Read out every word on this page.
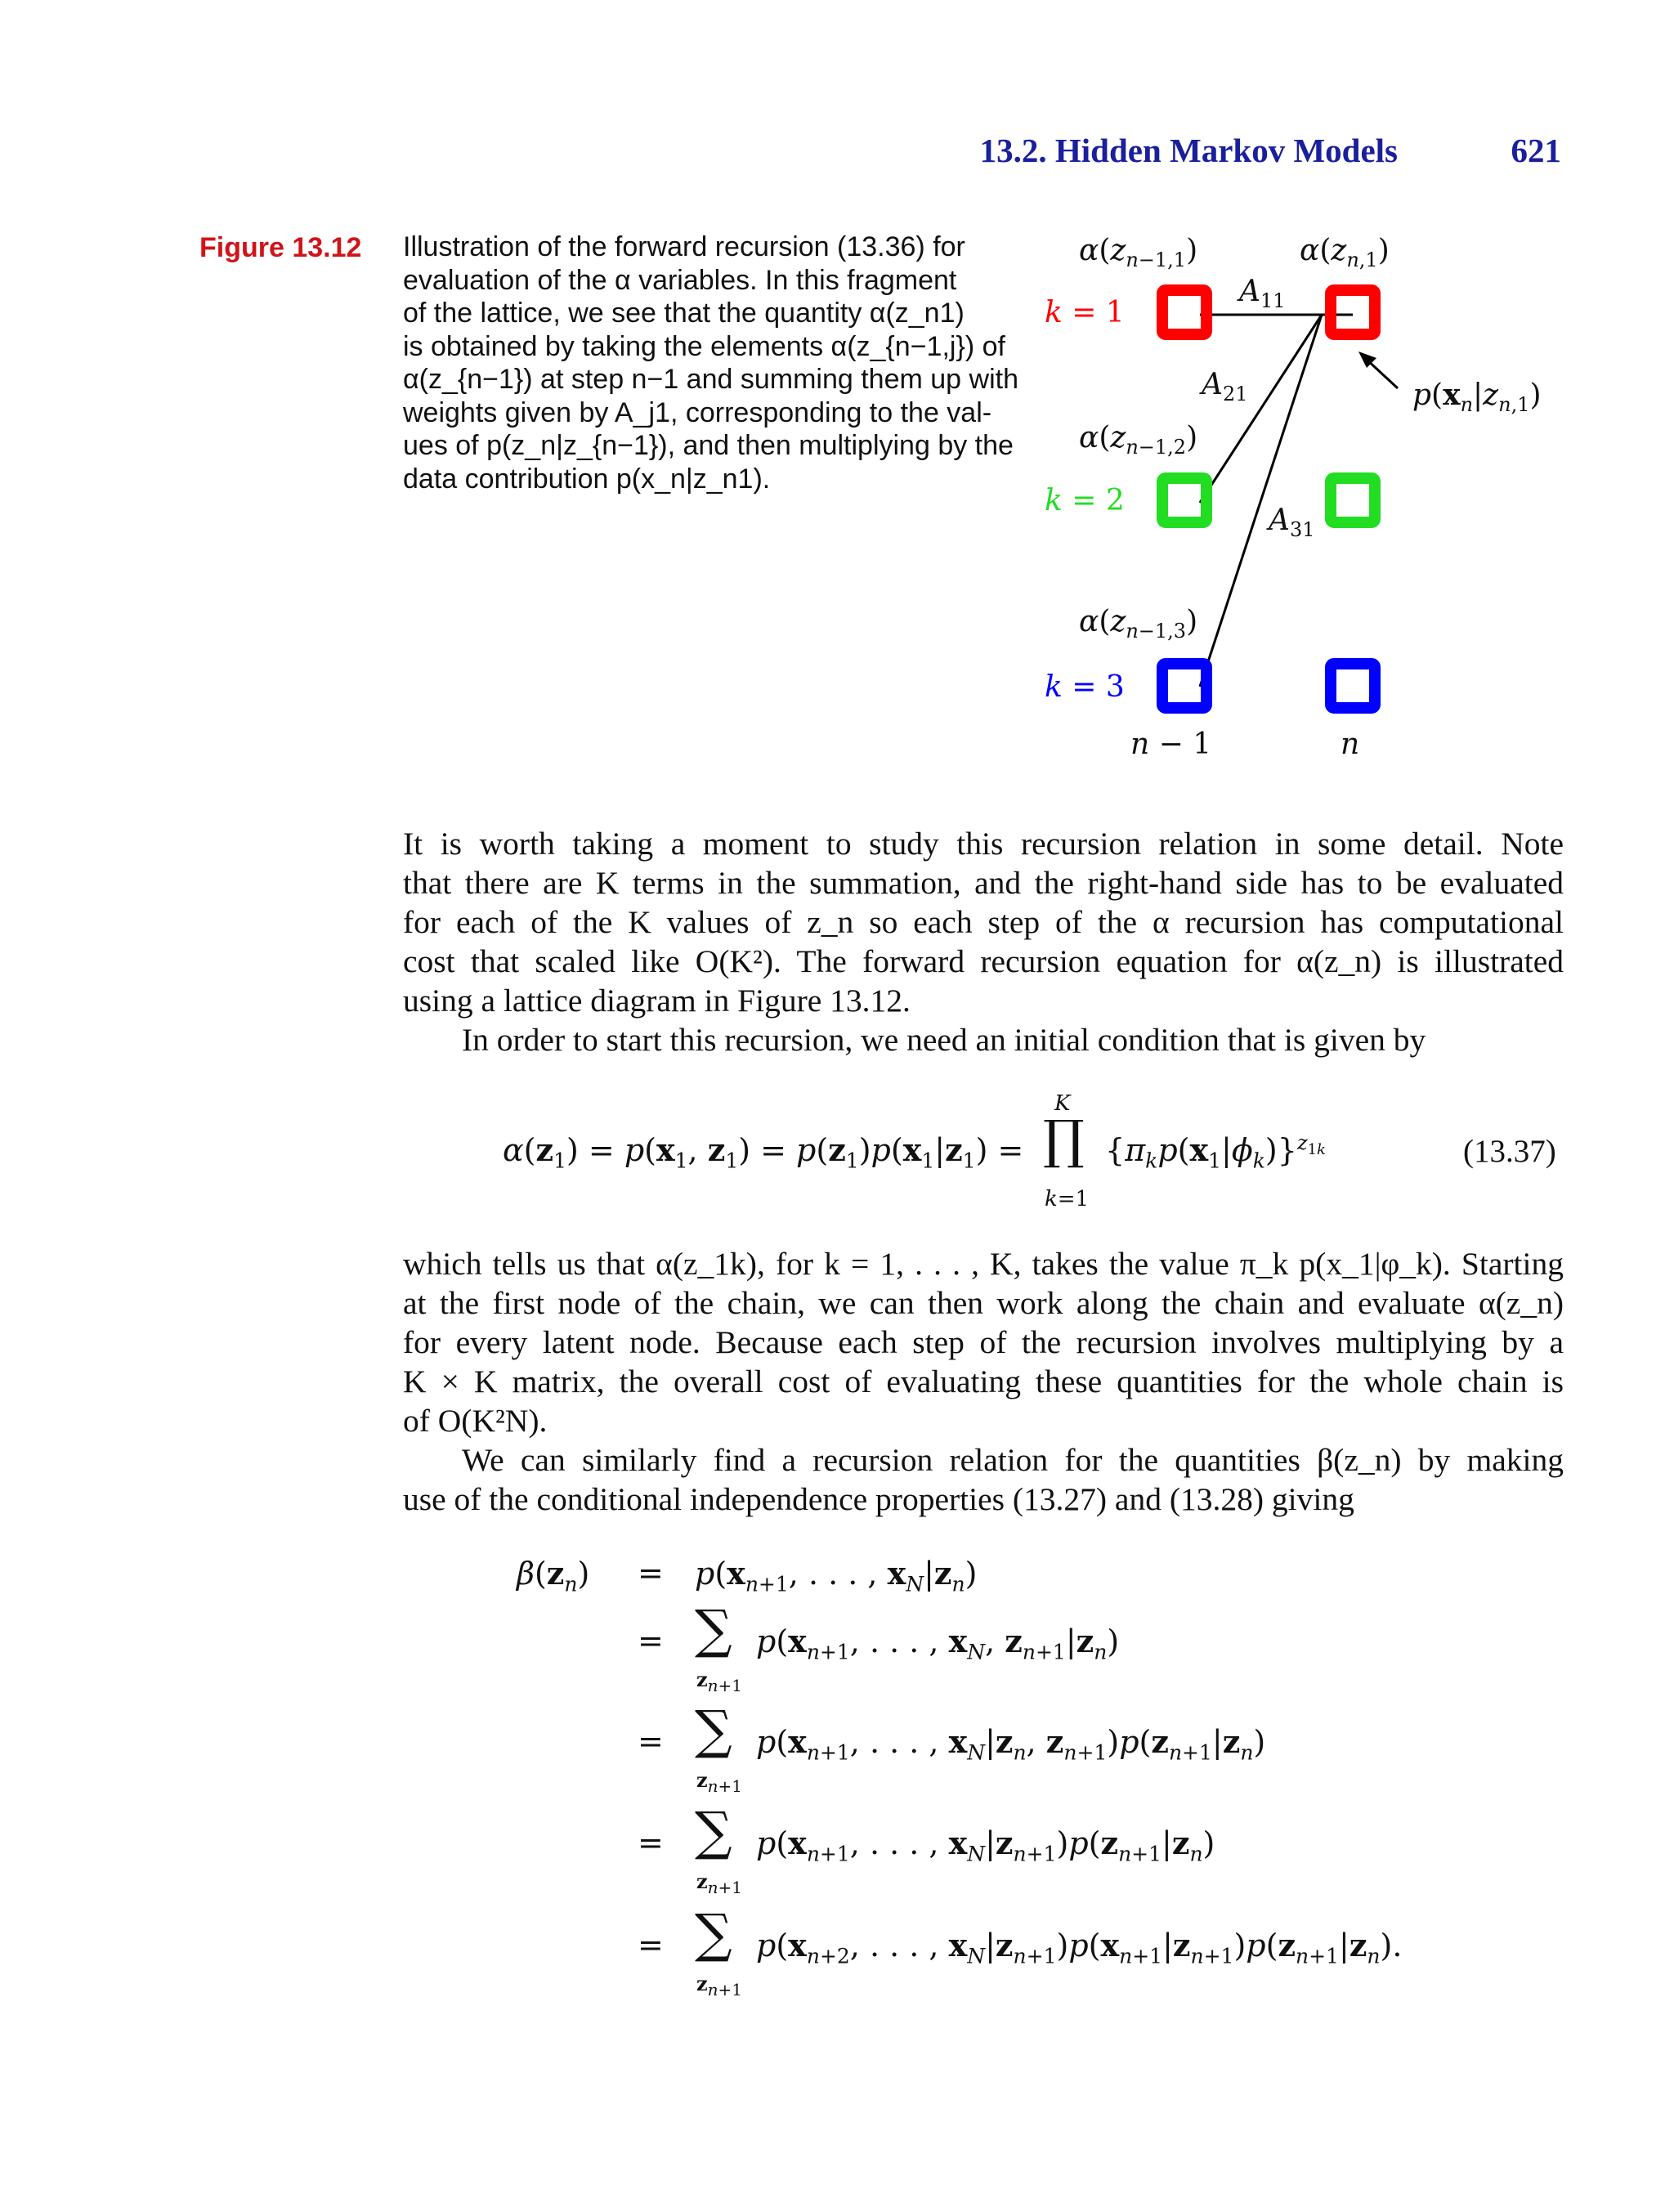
13.2. Hidden Markov Models	621
Figure 13.12 Illustration of the forward recursion (13.36) for
evaluation of the α variables. In this fragment
of the lattice, we see that the quantity α(z_n1)
is obtained by taking the elements α(z_{n−1,j}) of
α(z_{n−1}) at step n−1 and summing them up with
weights given by A_j1, corresponding to the val-
ues of p(z_n|z_{n−1}), and then multiplying by the
data contribution p(x_n|z_n1).
$\alpha(z_{n-1,1})$	$\alpha(z_{n,1})$
$A_{11}$
k = 1
$A_{21}$	$p(x_n|z_{n,1})$
$\alpha(z_{n-1,2})$
k = 2
$A_{31}$
$\alpha(z_{n-1,3})$
k = 3
n − 1	n
It is worth taking a moment to study this recursion relation in some detail. Note
that there are K terms in the summation, and the right-hand side has to be evaluated
for each of the K values of z_n so each step of the α recursion has computational
cost that scaled like O(K²). The forward recursion equation for α(z_n) is illustrated
using a lattice diagram in Figure 13.12.
In order to start this recursion, we need an initial condition that is given by
$\alpha(z_1) = p(x_1$, $z_1) = p(z_1)p(x_1|z_1)$ =
K
∏
k=1
$\{\pi_kp(x_1|\phi_k)\}^{z_{1k}}$	(13.37)
which tells us that α(z_1k), for k = 1, . . . , K, takes the value π_k p(x_1|φ_k). Starting
at the first node of the chain, we can then work along the chain and evaluate α(z_n)
for every latent node. Because each step of the recursion involves multiplying by a
K × K matrix, the overall cost of evaluating these quantities for the whole chain is
of O(K²N).
We can similarly find a recursion relation for the quantities β(z_n) by making
use of the conditional independence properties (13.27) and (13.28) giving
$\beta(z_n) = p(x_{n+1}$, . . . , $x_N|z_n$)
= ∑
$z_{n+1}$
$p(x_{n+1}$, . . . , $x_N$, $z_{n+1}|z_n$)
= ∑
$z_{n+1}$
$p(x_{n+1}$, . . . , $x_N|z_n$, $z_{n+1})p(z_{n+1}|z_n)$
= ∑
$z_{n+1}$
$p(x_{n+1}$, . . . , $x_N|z_{n+1})p(z_{n+1}|z_n)$
= ∑
$z_{n+1}$
$p(x_{n+2}$, . . . , $x_N|z_{n+1})p(x_{n+1}|z_{n+1})p(z_{n+1}|z_n)$.
